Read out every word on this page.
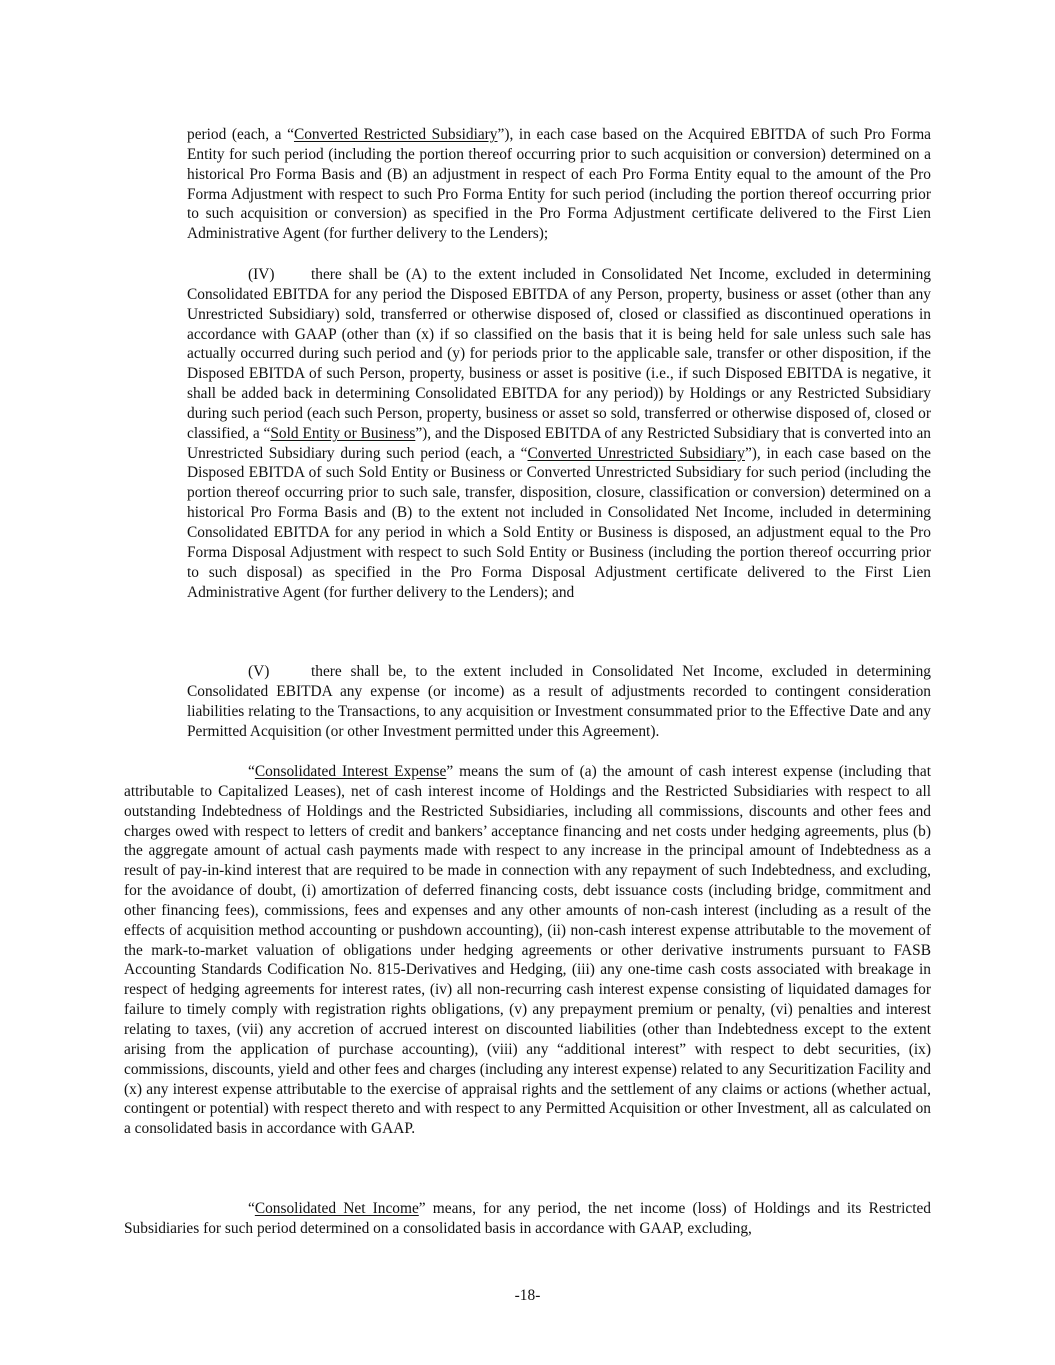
period (each, a “Converted Restricted Subsidiary”), in each case based on the Acquired EBITDA of such Pro Forma Entity for such period (including the portion thereof occurring prior to such acquisition or conversion) determined on a historical Pro Forma Basis and (B) an adjustment in respect of each Pro Forma Entity equal to the amount of the Pro Forma Adjustment with respect to such Pro Forma Entity for such period (including the portion thereof occurring prior to such acquisition or conversion) as specified in the Pro Forma Adjustment certificate delivered to the First Lien Administrative Agent (for further delivery to the Lenders);

(IV) there shall be (A) to the extent included in Consolidated Net Income, excluded in determining Consolidated EBITDA for any period the Disposed EBITDA of any Person, property, business or asset (other than any Unrestricted Subsidiary) sold, transferred or otherwise disposed of, closed or classified as discontinued operations in accordance with GAAP (other than (x) if so classified on the basis that it is being held for sale unless such sale has actually occurred during such period and (y) for periods prior to the applicable sale, transfer or other disposition, if the Disposed EBITDA of such Person, property, business or asset is positive (i.e., if such Disposed EBITDA is negative, it shall be added back in determining Consolidated EBITDA for any period)) by Holdings or any Restricted Subsidiary during such period (each such Person, property, business or asset so sold, transferred or otherwise disposed of, closed or classified, a “Sold Entity or Business”), and the Disposed EBITDA of any Restricted Subsidiary that is converted into an Unrestricted Subsidiary during such period (each, a “Converted Unrestricted Subsidiary”), in each case based on the Disposed EBITDA of such Sold Entity or Business or Converted Unrestricted Subsidiary for such period (including the portion thereof occurring prior to such sale, transfer, disposition, closure, classification or conversion) determined on a historical Pro Forma Basis and (B) to the extent not included in Consolidated Net Income, included in determining Consolidated EBITDA for any period in which a Sold Entity or Business is disposed, an adjustment equal to the Pro Forma Disposal Adjustment with respect to such Sold Entity or Business (including the portion thereof occurring prior to such disposal) as specified in the Pro Forma Disposal Adjustment certificate delivered to the First Lien Administrative Agent (for further delivery to the Lenders); and

(V)	there shall be, to the extent included in Consolidated Net Income, excluded in determining Consolidated EBITDA any expense (or income) as a result of adjustments recorded to contingent consideration liabilities relating to the Transactions, to any acquisition or Investment consummated prior to the Effective Date and any Permitted Acquisition (or other Investment permitted under this Agreement).

“Consolidated Interest Expense” means the sum of (a) the amount of cash interest expense (including that attributable to Capitalized Leases), net of cash interest income of Holdings and the Restricted Subsidiaries with respect to all outstanding Indebtedness of Holdings and the Restricted Subsidiaries, including all commissions, discounts and other fees and charges owed with respect to letters of credit and bankers’ acceptance financing and net costs under hedging agreements, plus (b) the aggregate amount of actual cash payments made with respect to any increase in the principal amount of Indebtedness as a result of pay-in-kind interest that are required to be made in connection with any repayment of such Indebtedness, and excluding, for the avoidance of doubt, (i) amortization of deferred financing costs, debt issuance costs (including bridge, commitment and other financing fees), commissions, fees and expenses and any other amounts of non-cash interest (including as a result of the effects of acquisition method accounting or pushdown accounting), (ii) non-cash interest expense attributable to the movement of the mark-to-market valuation of obligations under hedging agreements or other derivative instruments pursuant to FASB Accounting Standards Codification No. 815-Derivatives and Hedging, (iii) any one-time cash costs associated with breakage in respect of hedging agreements for interest rates, (iv) all non-recurring cash interest expense consisting of liquidated damages for failure to timely comply with registration rights obligations, (v) any prepayment premium or penalty, (vi) penalties and interest relating to taxes, (vii) any accretion of accrued interest on discounted liabilities (other than Indebtedness except to the extent arising from the application of purchase accounting), (viii) any “additional interest” with respect to debt securities, (ix) commissions, discounts, yield and other fees and charges (including any interest expense) related to any Securitization Facility and (x) any interest expense attributable to the exercise of appraisal rights and the settlement of any claims or actions (whether actual, contingent or potential) with respect thereto and with respect to any Permitted Acquisition or other Investment, all as calculated on a consolidated basis in accordance with GAAP.

“Consolidated Net Income” means, for any period, the net income (loss) of Holdings and its Restricted Subsidiaries for such period determined on a consolidated basis in accordance with GAAP, excluding,

-18-
